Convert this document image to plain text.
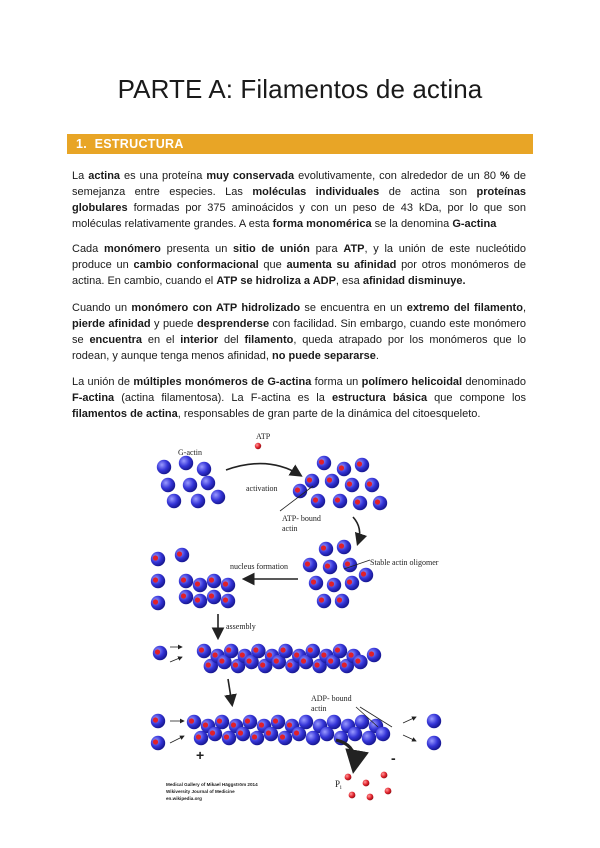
PARTE A: Filamentos de actina
1. ESTRUCTURA

La actina es una proteína muy conservada evolutivamente, con alrededor de un 80 % de semejanza entre especies. Las moléculas individuales de actina son proteínas globulares formadas por 375 aminoácidos y con un peso de 43 kDa, por lo que son moléculas relativamente grandes. A esta forma monomérica se la denomina G-actina

Cada monómero presenta un sitio de unión para ATP, y la unión de este nucleótido produce un cambio conformacional que aumenta su afinidad por otros monómeros de actina. En cambio, cuando el ATP se hidroliza a ADP, esa afinidad disminuye.

Cuando un monómero con ATP hidrolizado se encuentra en un extremo del filamento, pierde afinidad y puede desprenderse con facilidad. Sin embargo, cuando este monómero se encuentra en el interior del filamento, queda atrapado por los monómeros que lo rodean, y aunque tenga menos afinidad, no puede separarse.

La unión de múltiples monómeros de G-actina forma un polímero helicoidal denominado F-actina (actina filamentosa). La F-actina es la estructura básica que compone los filamentos de actina, responsables de gran parte de la dinámica del citoesqueleto.

G-actin
ATP
activation
ATP- bound
actin
Stable actin oligomer
nucleus formation
assembly
ADP- bound
actin
+	-
$P_i$
Medical Gallery of Mikael Häggström 2014
Wikiversity Journal of Medicine
en.wikipedia.org
